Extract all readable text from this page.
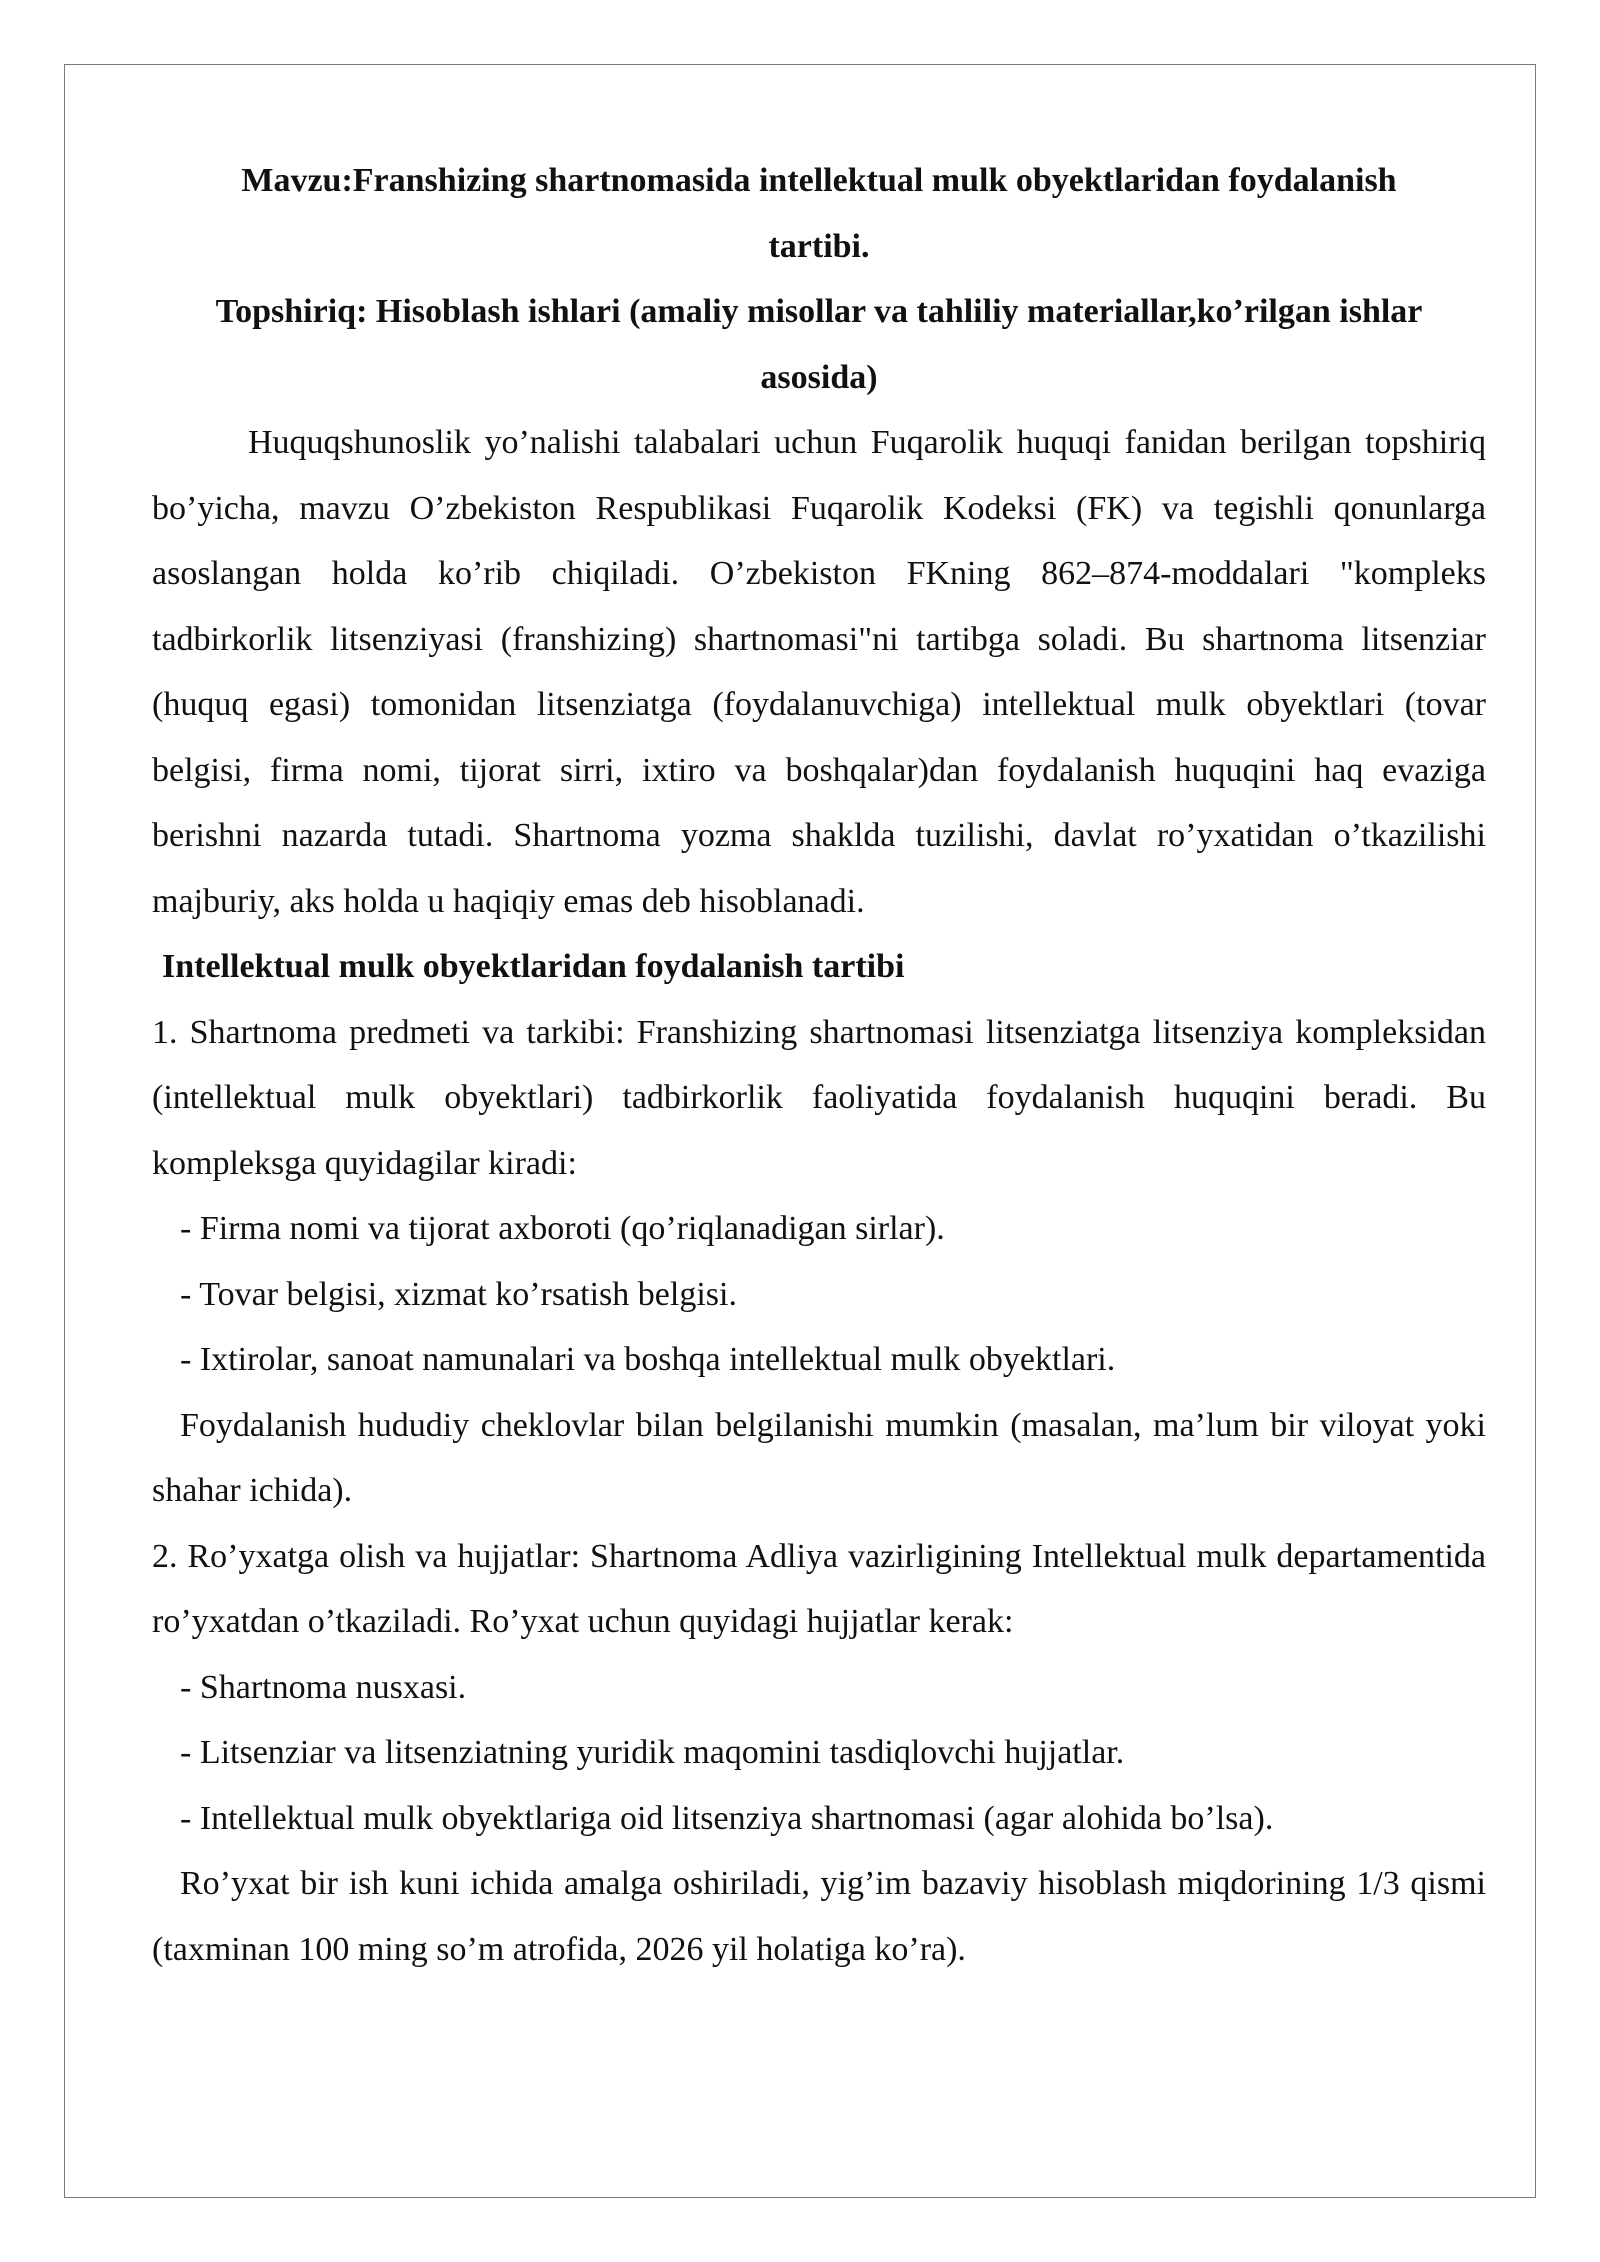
Mavzu:Franshizing shartnomasida intellektual mulk obyektlaridan foydalanish tartibi.

Topshiriq: Hisoblash ishlari (amaliy misollar va tahliliy materiallar,ko’rilgan ishlar asosida)

Huquqshunoslik yo’nalishi talabalari uchun Fuqarolik huquqi fanidan berilgan topshiriq bo’yicha, mavzu O’zbekiston Respublikasi Fuqarolik Kodeksi (FK) va tegishli qonunlarga asoslangan holda ko’rib chiqiladi. O’zbekiston FKning 862–874-moddalari "kompleks tadbirkorlik litsenziyasi (franshizing) shartnomasi"ni tartibga soladi. Bu shartnoma litsenziar (huquq egasi) tomonidan litsenziatga (foydalanuvchiga) intellektual mulk obyektlari (tovar belgisi, firma nomi, tijorat sirri, ixtiro va boshqalar)dan foydalanish huquqini haq evaziga berishni nazarda tutadi. Shartnoma yozma shakldа tuzilishi, davlat ro’yxatidan o’tkazilishi majburiy, aks holda u haqiqiy emas deb hisoblanadi.

Intellektual mulk obyektlaridan foydalanish tartibi

1. Shartnoma predmeti va tarkibi: Franshizing shartnomasi litsenziatga litsenziya kompleksidan (intellektual mulk obyektlari) tadbirkorlik faoliyatida foydalanish huquqini beradi. Bu kompleksga quyidagilar kiradi:

- Firma nomi va tijorat axboroti (qo’riqlanadigan sirlar).

- Tovar belgisi, xizmat ko’rsatish belgisi.

- Ixtirolar, sanoat namunalari va boshqa intellektual mulk obyektlari.

Foydalanish hududiy cheklovlar bilan belgilanishi mumkin (masalan, ma’lum bir viloyat yoki shahar ichida).

2. Ro’yxatga olish va hujjatlar: Shartnoma Adliya vazirligining Intellektual mulk departamentida ro’yxatdan o’tkaziladi. Ro’yxat uchun quyidagi hujjatlar kerak:

- Shartnoma nusxasi.

- Litsenziar va litsenziatning yuridik maqomini tasdiqlovchi hujjatlar.

- Intellektual mulk obyektlariga oid litsenziya shartnomasi (agar alohida bo’lsa).

Ro’yxat bir ish kuni ichida amalga oshiriladi, yig’im bazaviy hisoblash miqdorining 1/3 qismi (taxminan 100 ming so’m atrofida, 2026 yil holatiga ko’ra).
